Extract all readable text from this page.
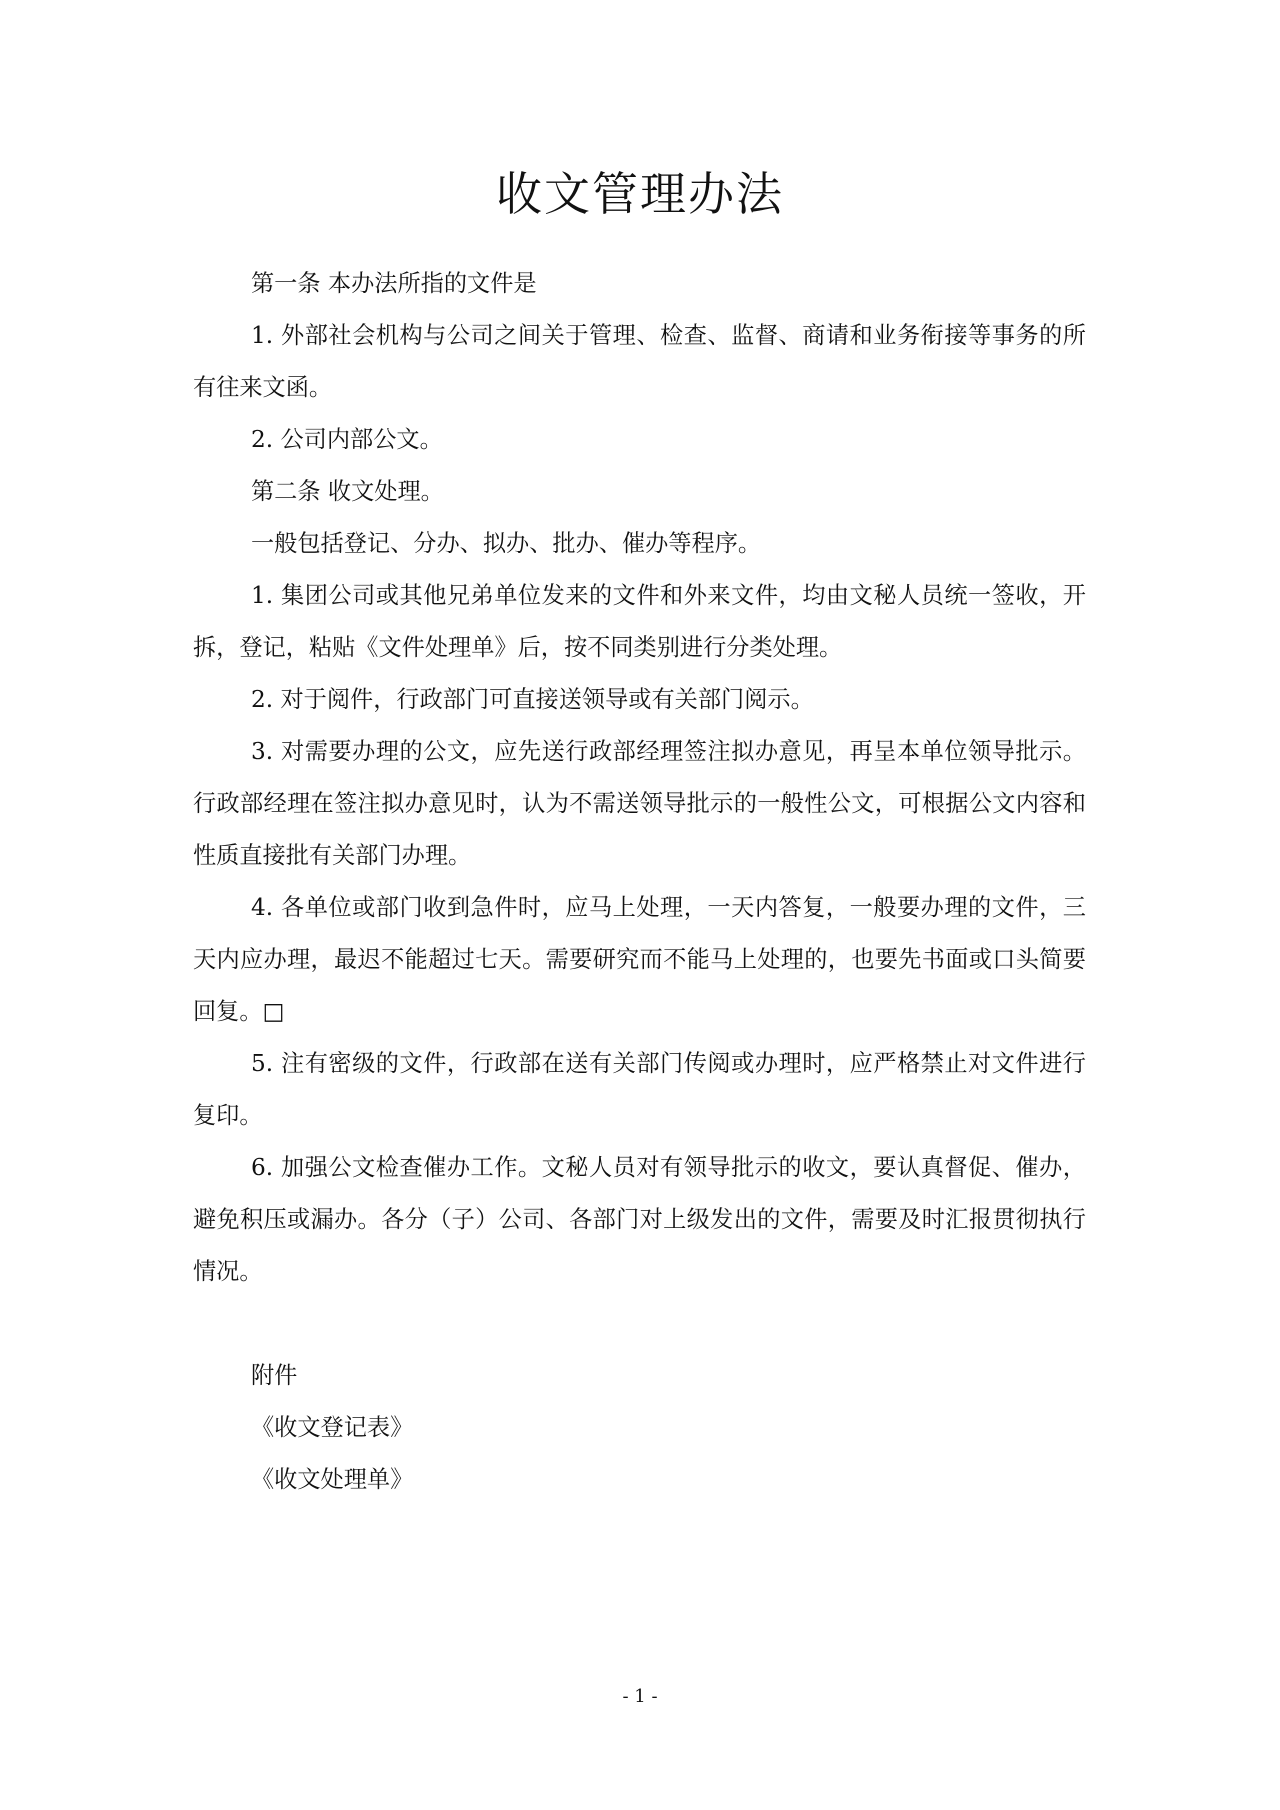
收文管理办法

第一条 本办法所指的文件是

1. 外部社会机构与公司之间关于管理、检查、监督、商请和业务衔接等事务的所有往来文函。

2. 公司内部公文。

第二条 收文处理。

一般包括登记、分办、拟办、批办、催办等程序。

1. 集团公司或其他兄弟单位发来的文件和外来文件，均由文秘人员统一签收，开拆，登记，粘贴《文件处理单》后，按不同类别进行分类处理。

2. 对于阅件，行政部门可直接送领导或有关部门阅示。

3. 对需要办理的公文，应先送行政部经理签注拟办意见，再呈本单位领导批示。行政部经理在签注拟办意见时，认为不需送领导批示的一般性公文，可根据公文内容和性质直接批有关部门办理。

4. 各单位或部门收到急件时，应马上处理，一天内答复，一般要办理的文件，三天内应办理，最迟不能超过七天。需要研究而不能马上处理的，也要先书面或口头简要回复。□

5. 注有密级的文件，行政部在送有关部门传阅或办理时，应严格禁止对文件进行复印。

6. 加强公文检查催办工作。文秘人员对有领导批示的收文，要认真督促、催办，避免积压或漏办。各分（子）公司、各部门对上级发出的文件，需要及时汇报贯彻执行情况。

附件

《收文登记表》

《收文处理单》

- 1 -
